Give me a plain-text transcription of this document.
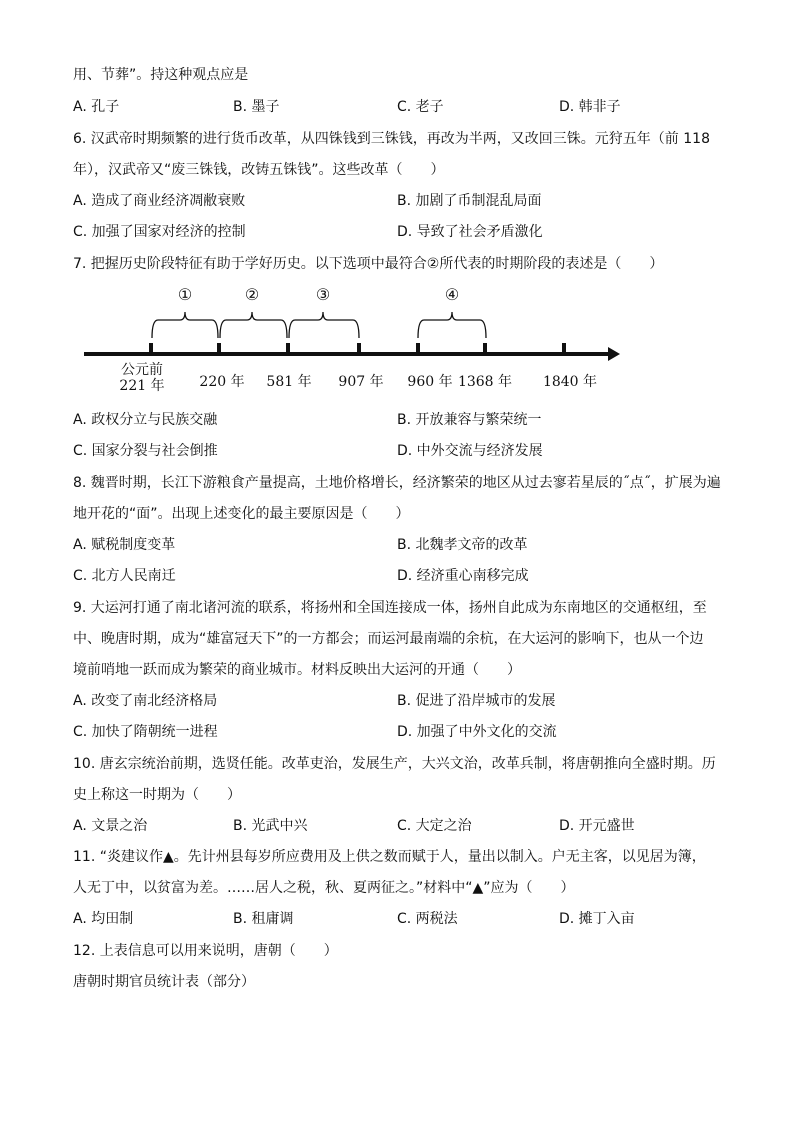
用、节葬”。持这种观点应是
A. 孔子	B. 墨子	C. 老子	D. 韩非子
6. 汉武帝时期频繁的进行货币改革，从四铢钱到三铢钱，再改为半两，又改回三铢。元狩五年（前 118
年），汉武帝又“废三铢钱，改铸五铢钱”。这些改革（　　）
A. 造成了商业经济凋敝衰败	B. 加剧了币制混乱局面
C. 加强了国家对经济的控制	D. 导致了社会矛盾激化
7. 把握历史阶段特征有助于学好历史。以下选项中最符合②所代表的时期阶段的表述是（　　）
①	②	③	④
公元前
221 年 220 年 581 年 907 年 960 年 1368 年 1840 年
A. 政权分立与民族交融	B. 开放兼容与繁荣统一
C. 国家分裂与社会倒推	D. 中外交流与经济发展
8. 魏晋时期，长江下游粮食产量提高，土地价格增长，经济繁荣的地区从过去寥若星辰的˝点˝，扩展为遍
地开花的“面”。出现上述变化的最主要原因是（　　）
A. 赋税制度变革	B. 北魏孝文帝的改革
C. 北方人民南迁	D. 经济重心南移完成
9. 大运河打通了南北诸河流的联系，将扬州和全国连接成一体，扬州自此成为东南地区的交通枢纽，至
中、晚唐时期，成为“雄富冠天下”的一方都会；而运河最南端的余杭，在大运河的影响下，也从一个边
境前哨地一跃而成为繁荣的商业城市。材料反映出大运河的开通（　　）
A. 改变了南北经济格局	B. 促进了沿岸城市的发展
C. 加快了隋朝统一进程	D. 加强了中外文化的交流
10. 唐玄宗统治前期，选贤任能。改革吏治，发展生产，大兴文治，改革兵制，将唐朝推向全盛时期。历
史上称这一时期为（　　）
A. 文景之治	B. 光武中兴	C. 大定之治	D. 开元盛世
11. “炎建议作▲。先计州县每岁所应费用及上供之数而赋于人，量出以制入。户无主客，以见居为簿，
人无丁中，以贫富为差。……居人之税，秋、夏两征之。”材料中“▲”应为（　　）
A. 均田制	B. 租庸调	C. 两税法	D. 摊丁入亩
12. 上表信息可以用来说明，唐朝（　　）
唐朝时期官员统计表（部分）
